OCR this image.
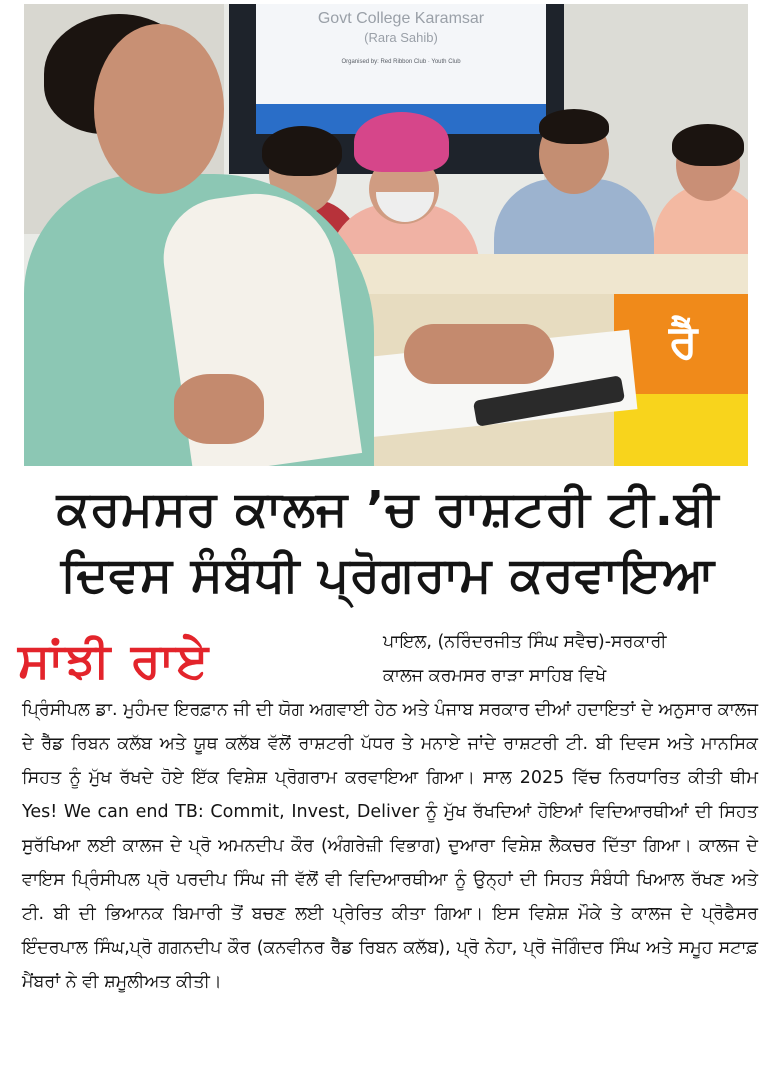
Govt College Karamsar
(Rara Sahib)
Organised by: Red Ribbon Club · Youth Club
ਰੈੱ
ਕਰਮਸਰ ਕਾਲਜ ’ਚ ਰਾਸ਼ਟਰੀ ਟੀ.ਬੀ
ਦਿਵਸ ਸੰਬੰਧੀ ਪ੍ਰੋਗਰਾਮ ਕਰਵਾਇਆ
ਸਾਂਝੀ ਰਾਏ	ਪਾਇਲ, (ਨਰਿੰਦਰਜੀਤ ਸਿੰਘ ਸਵੈਚ)-ਸਰਕਾਰੀ
ਕਾਲਜ ਕਰਮਸਰ ਰਾੜਾ ਸਾਹਿਬ ਵਿਖੇ

ਪ੍ਰਿੰਸੀਪਲ ਡਾ. ਮੁਹੰਮਦ ਇਰਫ਼ਾਨ ਜੀ ਦੀ ਯੋਗ ਅਗਵਾਈ ਹੇਠ ਅਤੇ ਪੰਜਾਬ ਸਰਕਾਰ ਦੀਆਂ ਹਦਾਇਤਾਂ ਦੇ ਅਨੁਸਾਰ ਕਾਲਜ ਦੇ ਰੈੱਡ ਰਿਬਨ ਕਲੱਬ ਅਤੇ ਯੂਥ ਕਲੱਬ ਵੱਲੋਂ ਰਾਸ਼ਟਰੀ ਪੱਧਰ ਤੇ ਮਨਾਏ ਜਾਂਦੇ ਰਾਸ਼ਟਰੀ ਟੀ. ਬੀ ਦਿਵਸ ਅਤੇ ਮਾਨਸਿਕ ਸਿਹਤ ਨੂੰ ਮੁੱਖ ਰੱਖਦੇ ਹੋਏ ਇੱਕ ਵਿਸ਼ੇਸ਼ ਪ੍ਰੋਗਰਾਮ ਕਰਵਾਇਆ ਗਿਆ। ਸਾਲ 2025 ਵਿੱਚ ਨਿਰਧਾਰਿਤ ਕੀਤੀ ਥੀਮ Yes! We can end TB: Commit, Invest, Deliver ਨੂੰ ਮੁੱਖ ਰੱਖਦਿਆਂ ਹੋਇਆਂ ਵਿਦਿਆਰਥੀਆਂ ਦੀ ਸਿਹਤ ਸੁਰੱਖਿਆ ਲਈ ਕਾਲਜ ਦੇ ਪ੍ਰੋ ਅਮਨਦੀਪ ਕੌਰ (ਅੰਗਰੇਜ਼ੀ ਵਿਭਾਗ) ਦੁਆਰਾ ਵਿਸ਼ੇਸ਼ ਲੈਕਚਰ ਦਿੱਤਾ ਗਿਆ। ਕਾਲਜ ਦੇ ਵਾਇਸ ਪ੍ਰਿੰਸੀਪਲ ਪ੍ਰੋ ਪਰਦੀਪ ਸਿੰਘ ਜੀ ਵੱਲੋਂ ਵੀ ਵਿਦਿਆਰਥੀਆ ਨੂੰ ਉਨ੍ਹਾਂ ਦੀ ਸਿਹਤ ਸੰਬੰਧੀ ਖਿਆਲ ਰੱਖਣ ਅਤੇ ਟੀ. ਬੀ ਦੀ ਭਿਆਨਕ ਬਿਮਾਰੀ ਤੋਂ ਬਚਣ ਲਈ ਪ੍ਰੇਰਿਤ ਕੀਤਾ ਗਿਆ। ਇਸ ਵਿਸ਼ੇਸ਼ ਮੌਕੇ ਤੇ ਕਾਲਜ ਦੇ ਪ੍ਰੋਫੈਸਰ ਇੰਦਰਪਾਲ ਸਿੰਘ,ਪ੍ਰੋ ਗਗਨਦੀਪ ਕੌਰ (ਕਨਵੀਨਰ ਰੈੱਡ ਰਿਬਨ ਕਲੱਬ), ਪ੍ਰੋ ਨੇਹਾ, ਪ੍ਰੋ ਜੋਗਿੰਦਰ ਸਿੰਘ ਅਤੇ ਸਮੂਹ ਸਟਾਫ਼ ਮੈਂਬਰਾਂ ਨੇ ਵੀ ਸ਼ਮੂਲੀਅਤ ਕੀਤੀ।
